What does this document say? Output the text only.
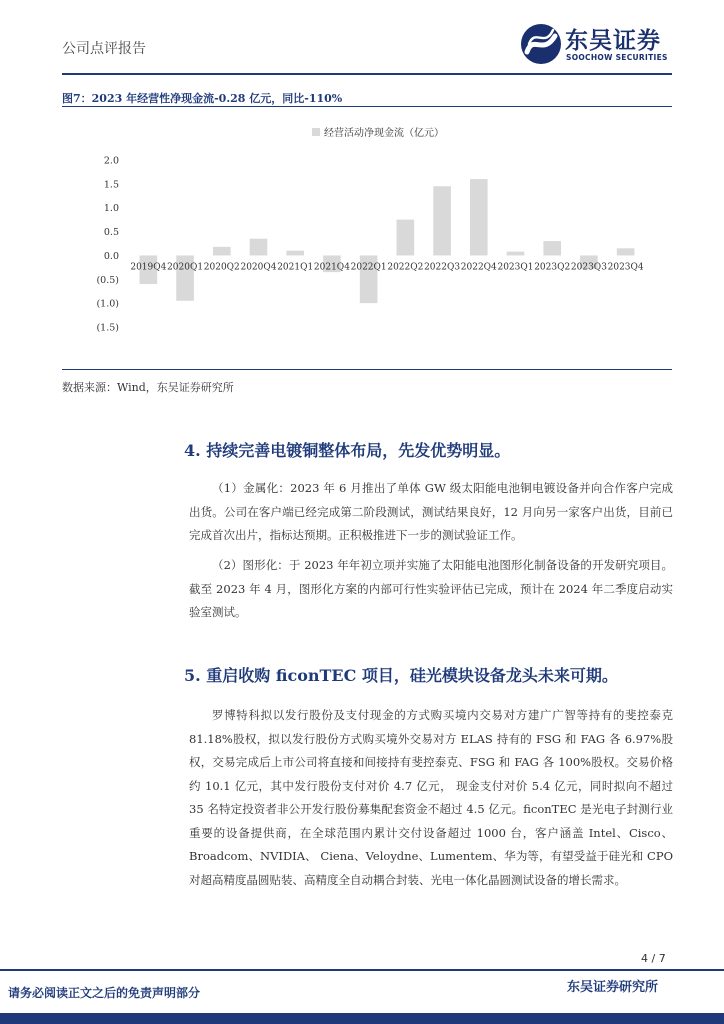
公司点评报告	东吴证券
SOOCHOW SECURITIES
图7：2023 年经营性净现金流-0.28 亿元，同比-110%
经营活动净现金流（亿元）
2.0
1.5
1.0
0.5
0.0
(0.5)
(1.0)
(1.5)
2019Q4 2020Q1 2020Q2 2020Q4 2021Q1 2021Q4 2022Q1 2022Q2 2022Q3 2022Q4 2023Q1 2023Q2 2023Q3 2023Q4
数据来源：Wind，东吴证券研究所
4. 持续完善电镀铜整体布局，先发优势明显。
（1）金属化：2023 年 6 月推出了单体 GW 级太阳能电池铜电镀设备并向合作客户完成出货。公司在客户端已经完成第二阶段测试，测试结果良好，12 月向另一家客户出货，目前已完成首次出片，指标达预期。正积极推进下一步的测试验证工作。
（2）图形化：于 2023 年年初立项并实施了太阳能电池图形化制备设备的开发研究项目。截至 2023 年 4 月，图形化方案的内部可行性实验评估已完成，预计在 2024 年二季度启动实验室测试。
5. 重启收购 ficonTEC 项目，硅光模块设备龙头未来可期。
罗博特科拟以发行股份及支付现金的方式购买境内交易对方建广广智等持有的斐控泰克 81.18%股权，拟以发行股份方式购买境外交易对方 ELAS 持有的 FSG 和 FAG 各 6.97%股权，交易完成后上市公司将直接和间接持有斐控泰克、FSG 和 FAG 各 100%股权。交易价格约 10.1 亿元，其中发行股份支付对价 4.7 亿元， 现金支付对价 5.4 亿元，同时拟向不超过 35 名特定投资者非公开发行股份募集配套资金不超过 4.5 亿元。ficonTEC 是光电子封测行业重要的设备提供商，在全球范围内累计交付设备超过 1000 台，客户涵盖 Intel、Cisco、Broadcom、NVIDIA、 Ciena、Veloydne、Lumentem、华为等，有望受益于硅光和 CPO 对超高精度晶圆贴装、高精度全自动耦合封装、光电一体化晶圆测试设备的增长需求。
4 / 7
请务必阅读正文之后的免责声明部分	东吴证券研究所
